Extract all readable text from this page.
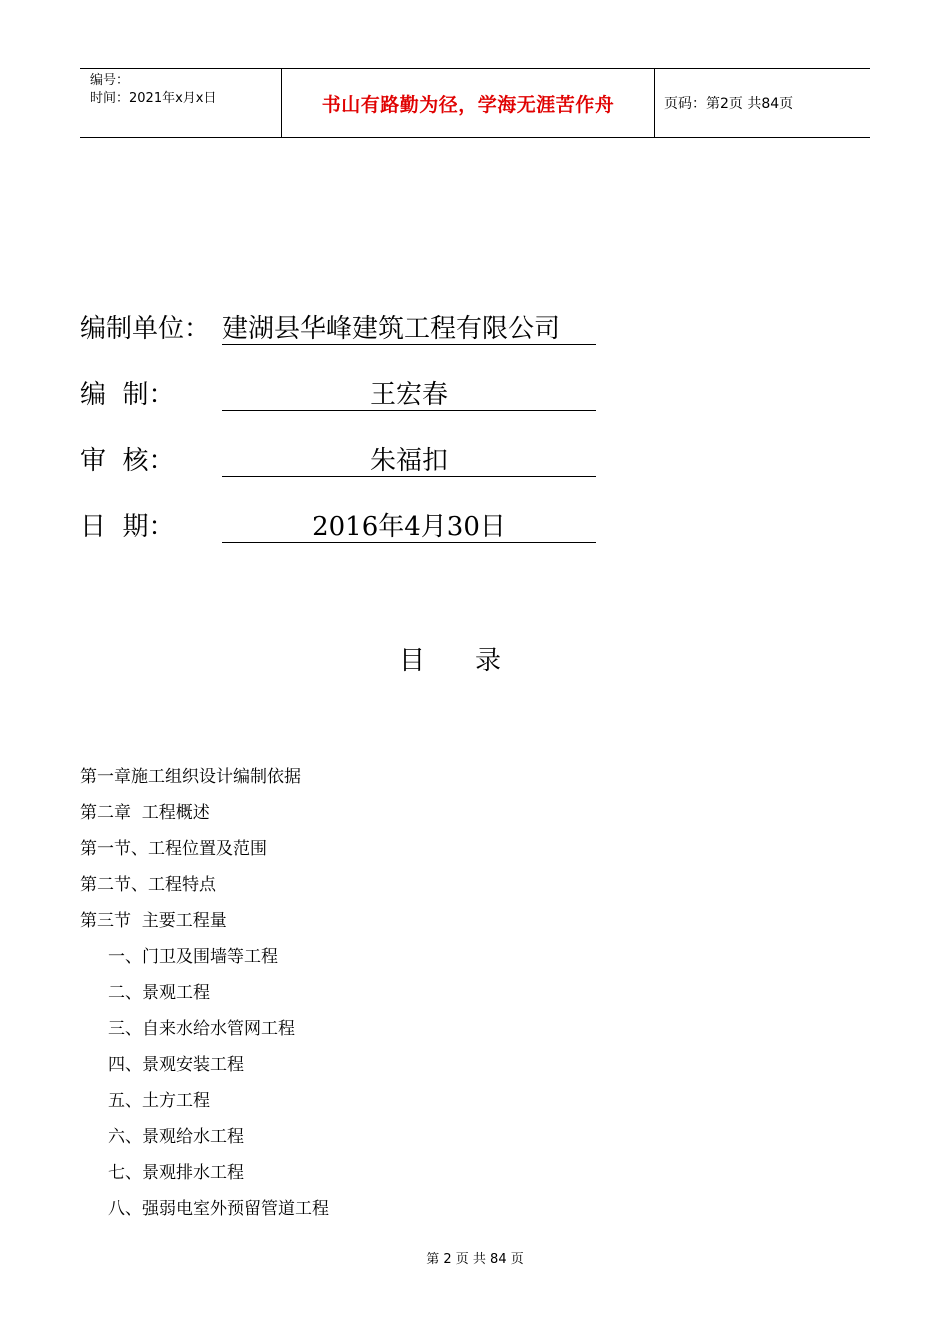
编号：
时间：2021年x月x日	书山有路勤为径，学海无涯苦作舟	页码：第2页 共84页
编制单位： 建湖县华峰建筑工程有限公司
编  制：	王宏春
审  核：	朱福扣
日  期：	2016年4月30日
目录
第一章施工组织设计编制依据
第二章  工程概述
第一节、工程位置及范围
第二节、工程特点
第三节  主要工程量
一、门卫及围墙等工程
二、景观工程
三、自来水给水管网工程
四、景观安装工程
五、土方工程
六、景观给水工程
七、景观排水工程
八、强弱电室外预留管道工程
第 2 页 共 84 页
